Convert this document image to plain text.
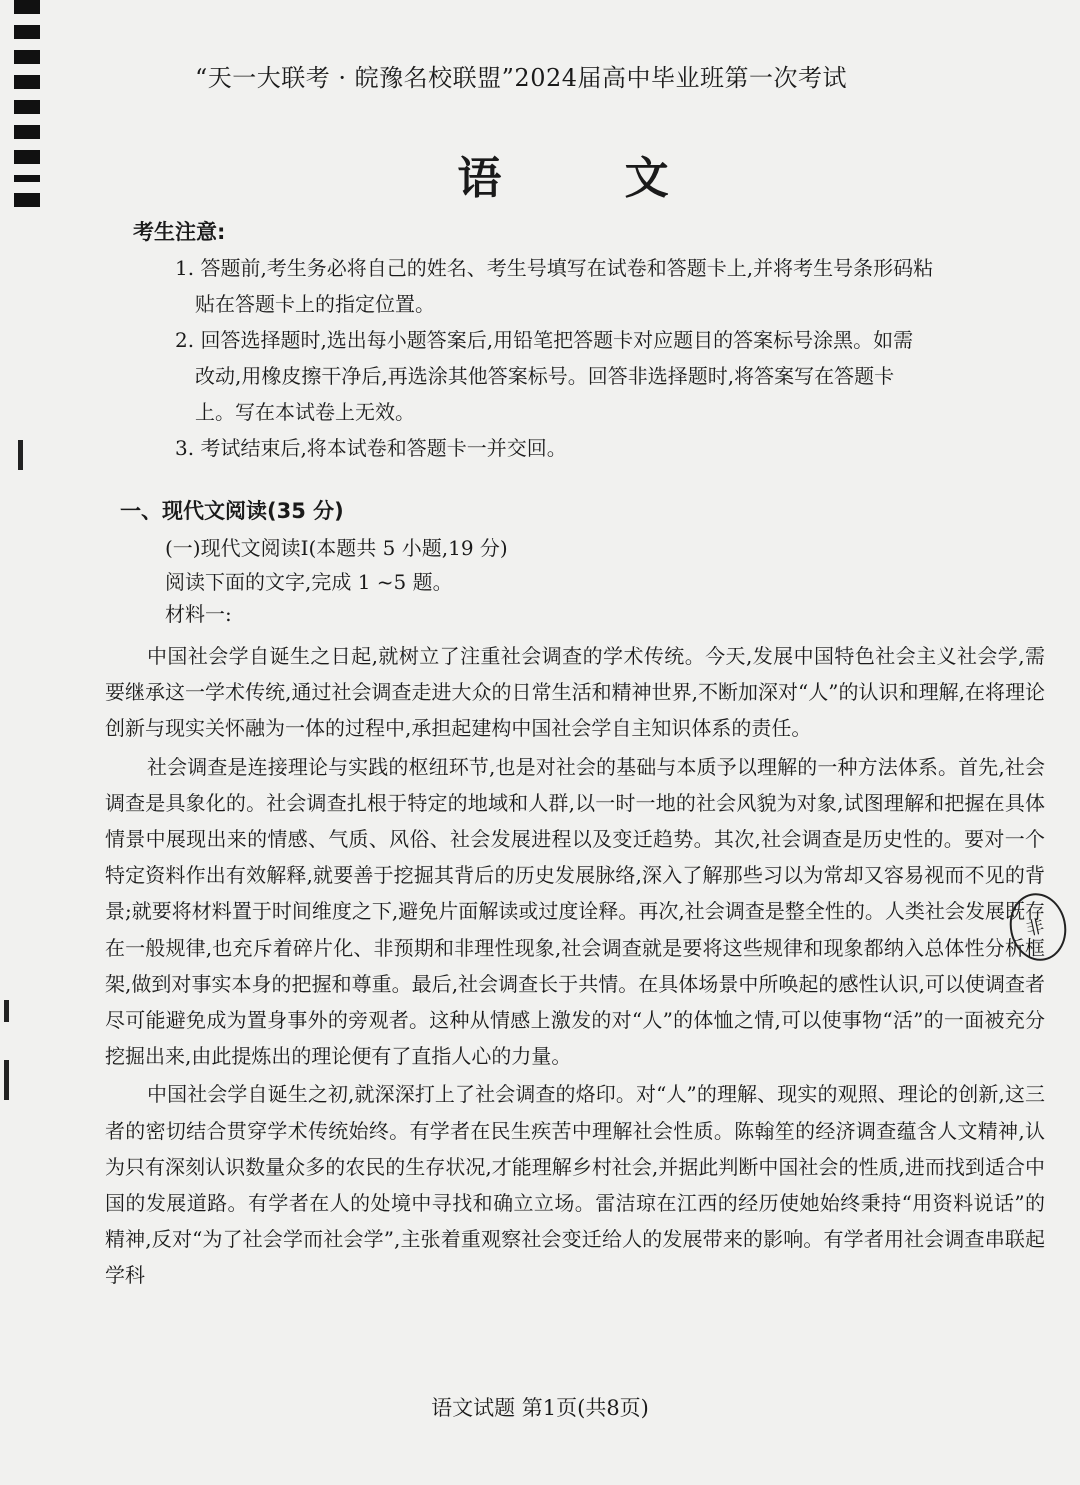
“天一大联考 · 皖豫名校联盟”2024届高中毕业班第一次考试
语 文
考生注意:
1. 答题前,考生务必将自己的姓名、考生号填写在试卷和答题卡上,并将考生号条形码粘
贴在答题卡上的指定位置。
2. 回答选择题时,选出每小题答案后,用铅笔把答题卡对应题目的答案标号涂黑。如需
改动,用橡皮擦干净后,再选涂其他答案标号。回答非选择题时,将答案写在答题卡
上。写在本试卷上无效。
3. 考试结束后,将本试卷和答题卡一并交回。
一、现代文阅读(35 分)
(一)现代文阅读Ⅰ(本题共 5 小题,19 分)
阅读下面的文字,完成 1 ~5 题。
材料一:

中国社会学自诞生之日起,就树立了注重社会调查的学术传统。今天,发展中国特色社会主义社会学,需要继承这一学术传统,通过社会调查走进大众的日常生活和精神世界,不断加深对“人”的认识和理解,在将理论创新与现实关怀融为一体的过程中,承担起建构中国社会学自主知识体系的责任。

社会调查是连接理论与实践的枢纽环节,也是对社会的基础与本质予以理解的一种方法体系。首先,社会调查是具象化的。社会调查扎根于特定的地域和人群,以一时一地的社会风貌为对象,试图理解和把握在具体情景中展现出来的情感、气质、风俗、社会发展进程以及变迁趋势。其次,社会调查是历史性的。要对一个特定资料作出有效解释,就要善于挖掘其背后的历史发展脉络,深入了解那些习以为常却又容易视而不见的背景;就要将材料置于时间维度之下,避免片面解读或过度诠释。再次,社会调查是整全性的。人类社会发展既存在一般规律,也充斥着碎片化、非预期和非理性现象,社会调查就是要将这些规律和现象都纳入总体性分析框架,做到对事实本身的把握和尊重。最后,社会调查长于共情。在具体场景中所唤起的感性认识,可以使调查者尽可能避免成为置身事外的旁观者。这种从情感上激发的对“人”的体恤之情,可以使事物“活”的一面被充分挖掘出来,由此提炼出的理论便有了直指人心的力量。

中国社会学自诞生之初,就深深打上了社会调查的烙印。对“人”的理解、现实的观照、理论的创新,这三者的密切结合贯穿学术传统始终。有学者在民生疾苦中理解社会性质。陈翰笙的经济调查蕴含人文精神,认为只有深刻认识数量众多的农民的生存状况,才能理解乡村社会,并据此判断中国社会的性质,进而找到适合中国的发展道路。有学者在人的处境中寻找和确立立场。雷洁琼在江西的经历使她始终秉持“用资料说话”的精神,反对“为了社会学而社会学”,主张着重观察社会变迁给人的发展带来的影响。有学者用社会调查串联起学科

非
语文试题 第1页(共8页)
